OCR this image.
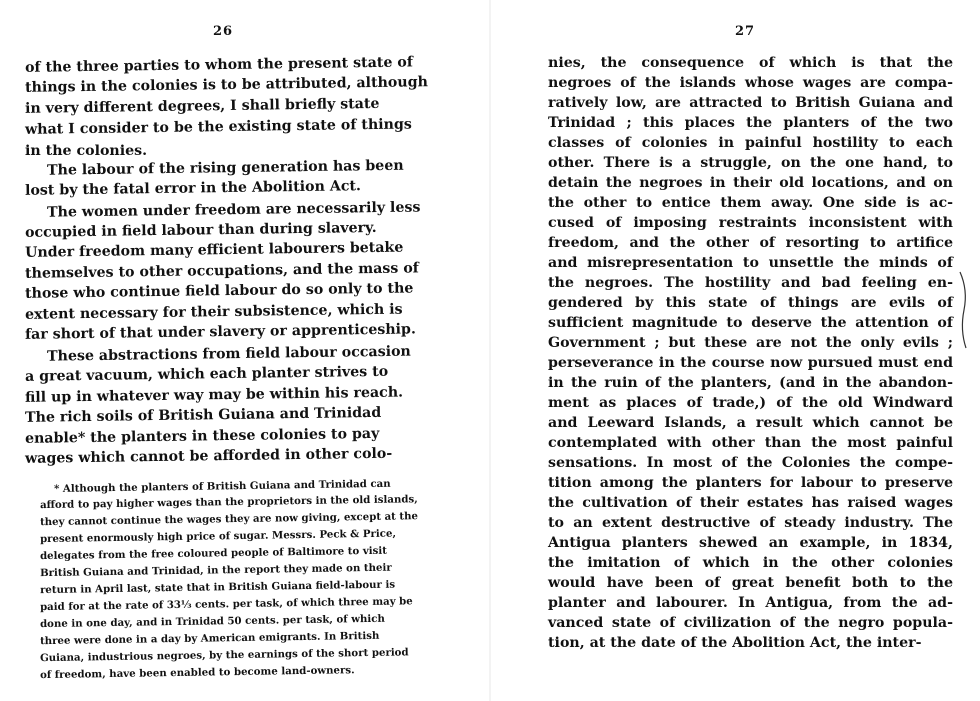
26
of the three parties to whom the present state of
things in the colonies is to be attributed, although
in very different degrees, I shall briefly state
what I consider to be the existing state of things
in the colonies.
The labour of the rising generation has been
lost by the fatal error in the Abolition Act.
The women under freedom are necessarily less
occupied in field labour than during slavery.
Under freedom many efficient labourers betake
themselves to other occupations, and the mass of
those who continue field labour do so only to the
extent necessary for their subsistence, which is
far short of that under slavery or apprenticeship.
These abstractions from field labour occasion
a great vacuum, which each planter strives to
fill up in whatever way may be within his reach.
The rich soils of British Guiana and Trinidad
enable* the planters in these colonies to pay
wages which cannot be afforded in other colo-
* Although the planters of British Guiana and Trinidad can
afford to pay higher wages than the proprietors in the old islands,
they cannot continue the wages they are now giving, except at the
present enormously high price of sugar. Messrs. Peck & Price,
delegates from the free coloured people of Baltimore to visit
British Guiana and Trinidad, in the report they made on their
return in April last, state that in British Guiana field-labour is
paid for at the rate of 33⅓ cents. per task, of which three may be
done in one day, and in Trinidad 50 cents. per task, of which
three were done in a day by American emigrants. In British
Guiana, industrious negroes, by the earnings of the short period
of freedom, have been enabled to become land-owners.
27
nies, the consequence of which is that the
negroes of the islands whose wages are compa-
ratively low, are attracted to British Guiana and
Trinidad ; this places the planters of the two
classes of colonies in painful hostility to each
other. There is a struggle, on the one hand, to
detain the negroes in their old locations, and on
the other to entice them away. One side is ac-
cused of imposing restraints inconsistent with
freedom, and the other of resorting to artifice
and misrepresentation to unsettle the minds of
the negroes. The hostility and bad feeling en-
gendered by this state of things are evils of
sufficient magnitude to deserve the attention of
Government ; but these are not the only evils ;
perseverance in the course now pursued must end
in the ruin of the planters, (and in the abandon-
ment as places of trade,) of the old Windward
and Leeward Islands, a result which cannot be
contemplated with other than the most painful
sensations. In most of the Colonies the compe-
tition among the planters for labour to preserve
the cultivation of their estates has raised wages
to an extent destructive of steady industry. The
Antigua planters shewed an example, in 1834,
the imitation of which in the other colonies
would have been of great benefit both to the
planter and labourer. In Antigua, from the ad-
vanced state of civilization of the negro popula-
tion, at the date of the Abolition Act, the inter-
